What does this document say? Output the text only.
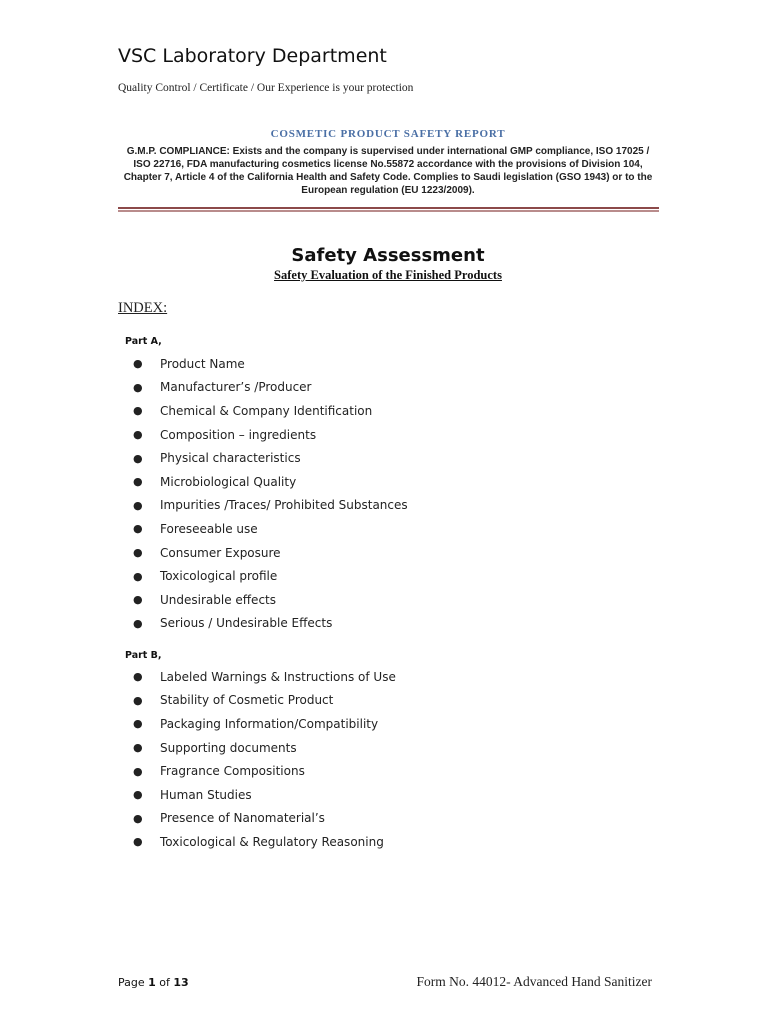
VSC Laboratory Department
Quality Control / Certificate / Our Experience is your protection
COSMETIC PRODUCT SAFETY REPORT
G.M.P. COMPLIANCE: Exists and the company is supervised under international GMP compliance, ISO 17025 / ISO 22716, FDA manufacturing cosmetics license No.55872 accordance with the provisions of Division 104, Chapter 7, Article 4 of the California Health and Safety Code. Complies to Saudi legislation (GSO 1943) or to the European regulation (EU 1223/2009).
Safety Assessment
Safety Evaluation of the Finished Products
INDEX:
Part A,
●	Product Name
●	Manufacturer’s /Producer
●	Chemical & Company Identification
●	Composition – ingredients
●	Physical characteristics
●	Microbiological Quality
●	Impurities /Traces/ Prohibited Substances
●	Foreseeable use
●	Consumer Exposure
●	Toxicological profile
●	Undesirable effects
●	Serious / Undesirable Effects
Part B,
●	Labeled Warnings & Instructions of Use
●	Stability of Cosmetic Product
●	Packaging Information/Compatibility
●	Supporting documents
●	Fragrance Compositions
●	Human Studies
●	Presence of Nanomaterial’s
●	Toxicological & Regulatory Reasoning
Page 1 of 13	Form No. 44012- Advanced Hand Sanitizer
